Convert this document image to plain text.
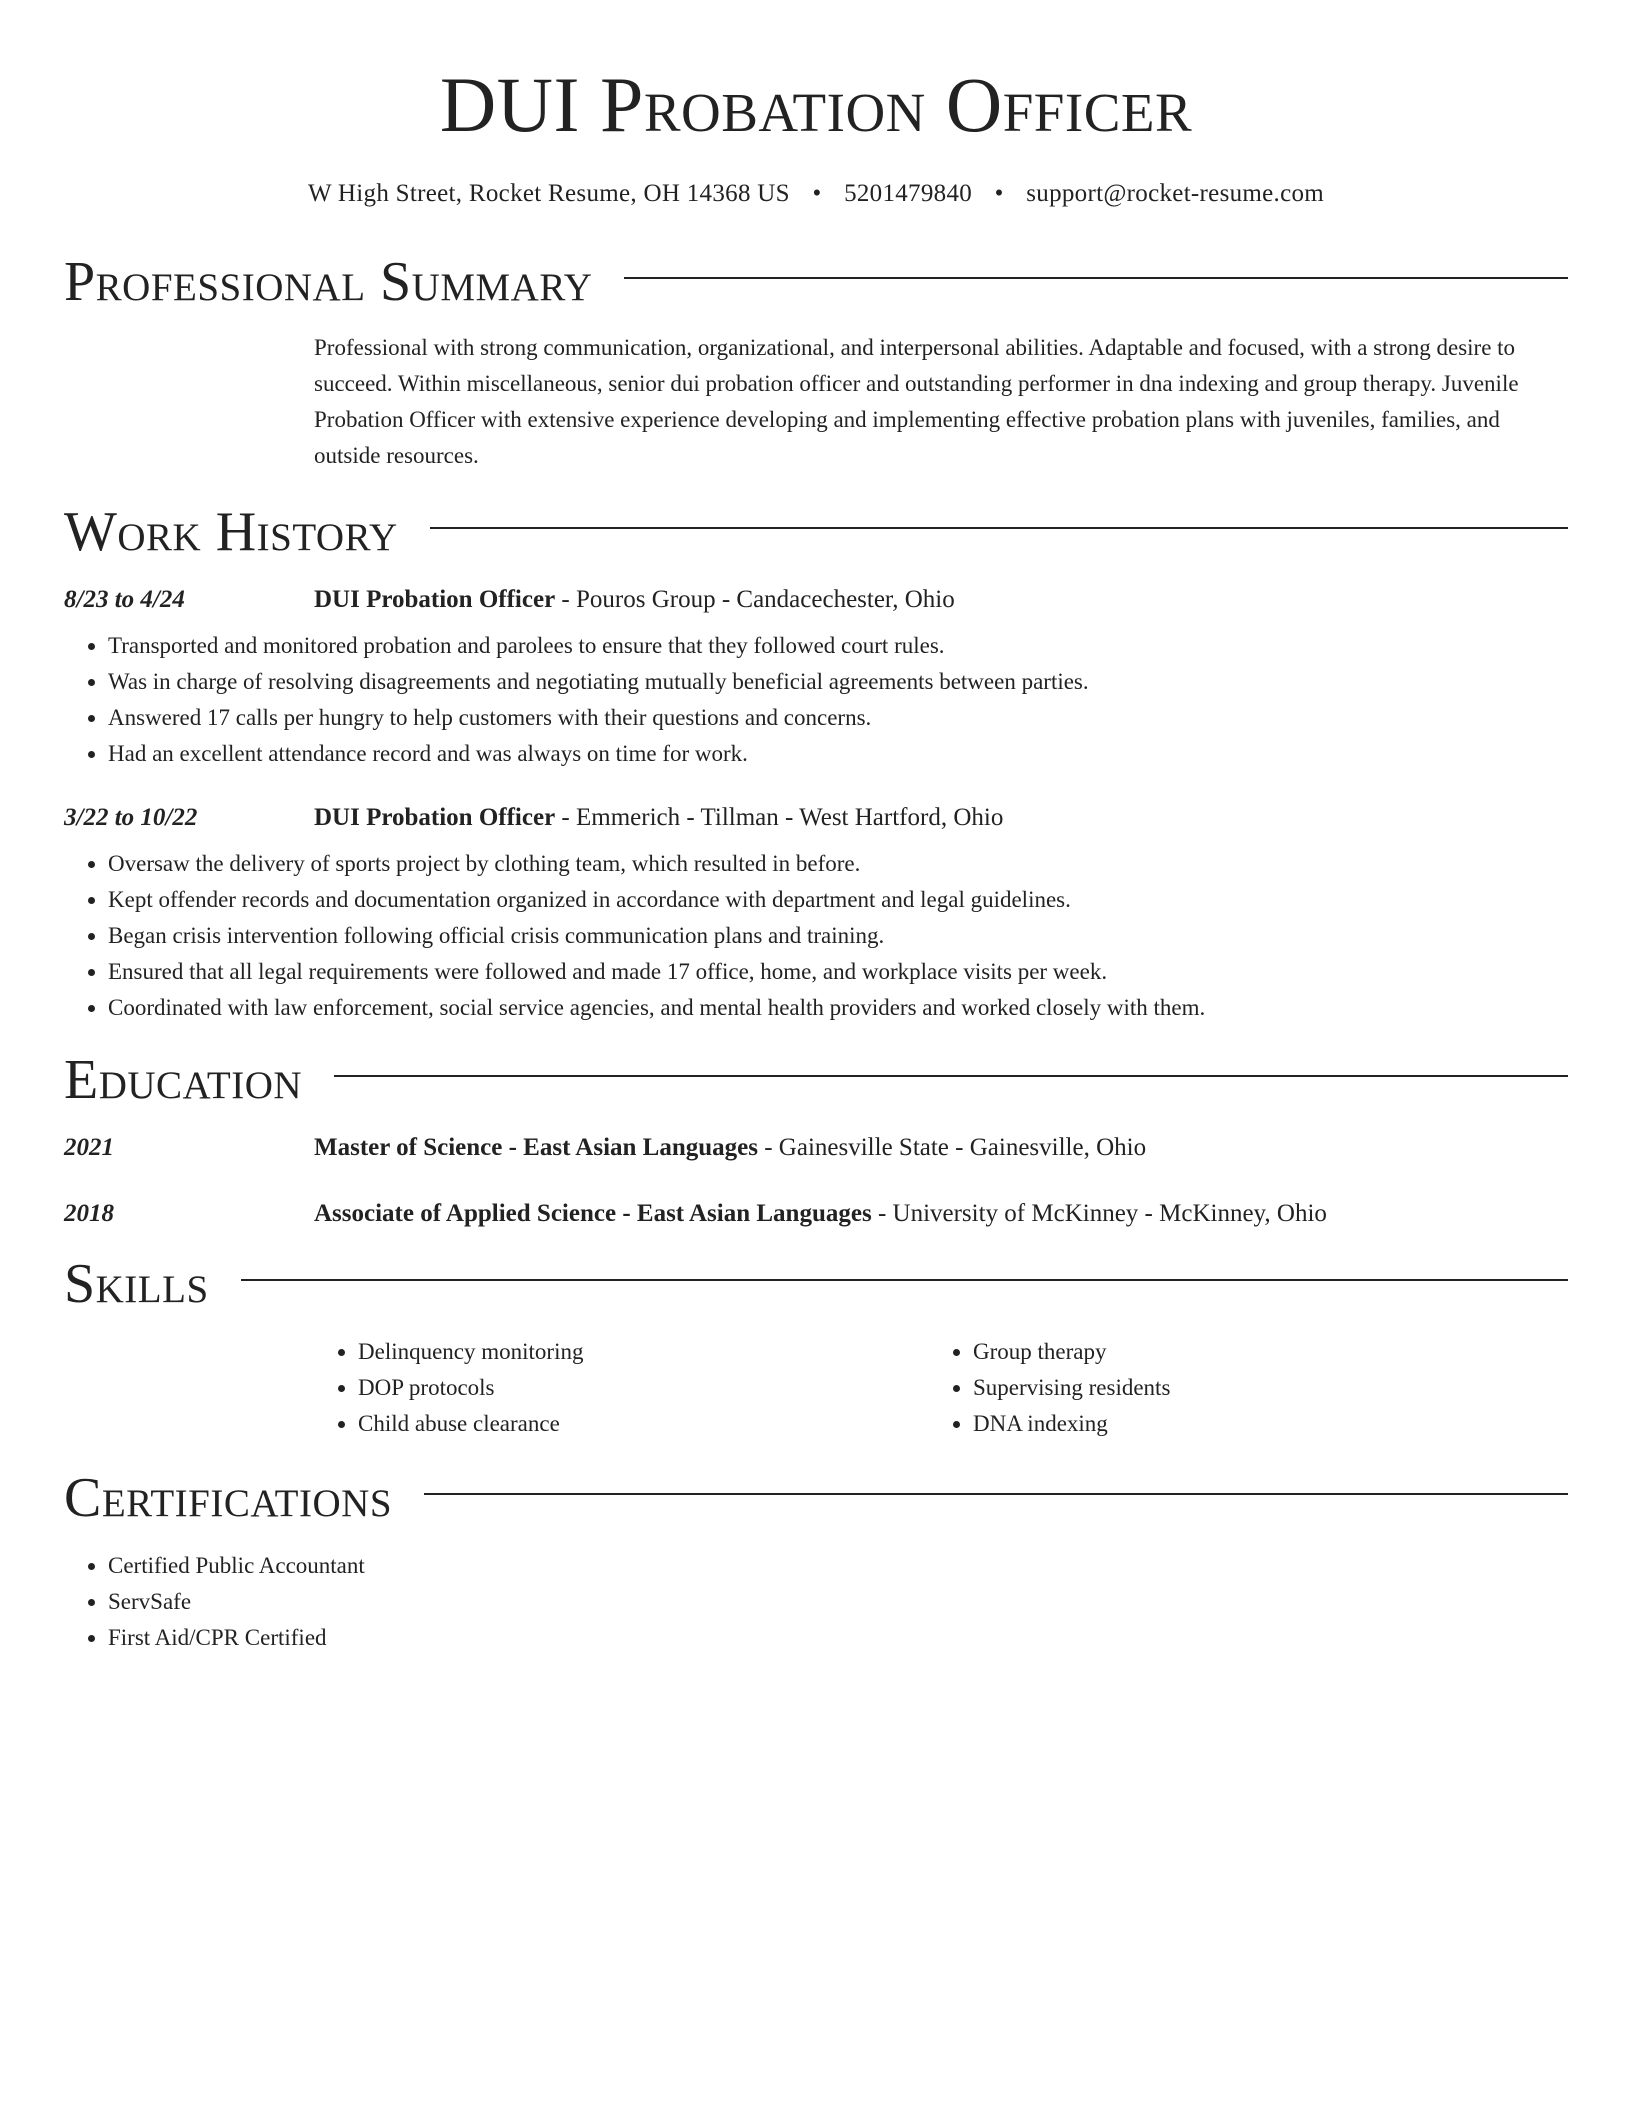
DUI Probation Officer
W High Street, Rocket Resume, OH 14368 US • 5201479840 • support@rocket-resume.com
Professional Summary

Professional with strong communication, organizational, and interpersonal abilities. Adaptable and focused, with a strong desire to succeed. Within miscellaneous, senior dui probation officer and outstanding performer in dna indexing and group therapy. Juvenile Probation Officer with extensive experience developing and implementing effective probation plans with juveniles, families, and outside resources.

Work History
8/23 to 4/24	DUI Probation Officer - Pouros Group - Candacechester, Ohio
• Transported and monitored probation and parolees to ensure that they followed court rules.
• Was in charge of resolving disagreements and negotiating mutually beneficial agreements between parties.
• Answered 17 calls per hungry to help customers with their questions and concerns.
• Had an excellent attendance record and was always on time for work.
3/22 to 10/22	DUI Probation Officer - Emmerich - Tillman - West Hartford, Ohio
• Oversaw the delivery of sports project by clothing team, which resulted in before.
• Kept offender records and documentation organized in accordance with department and legal guidelines.
• Began crisis intervention following official crisis communication plans and training.
• Ensured that all legal requirements were followed and made 17 office, home, and workplace visits per week.
• Coordinated with law enforcement, social service agencies, and mental health providers and worked closely with them.
Education
2021	Master of Science - East Asian Languages - Gainesville State - Gainesville, Ohio
2018	Associate of Applied Science - East Asian Languages - University of McKinney - McKinney, Ohio
Skills
• Delinquency monitoring
• DOP protocols
• Child abuse clearance
• Group therapy
• Supervising residents
• DNA indexing
Certifications
• Certified Public Accountant
• ServSafe
• First Aid/CPR Certified
